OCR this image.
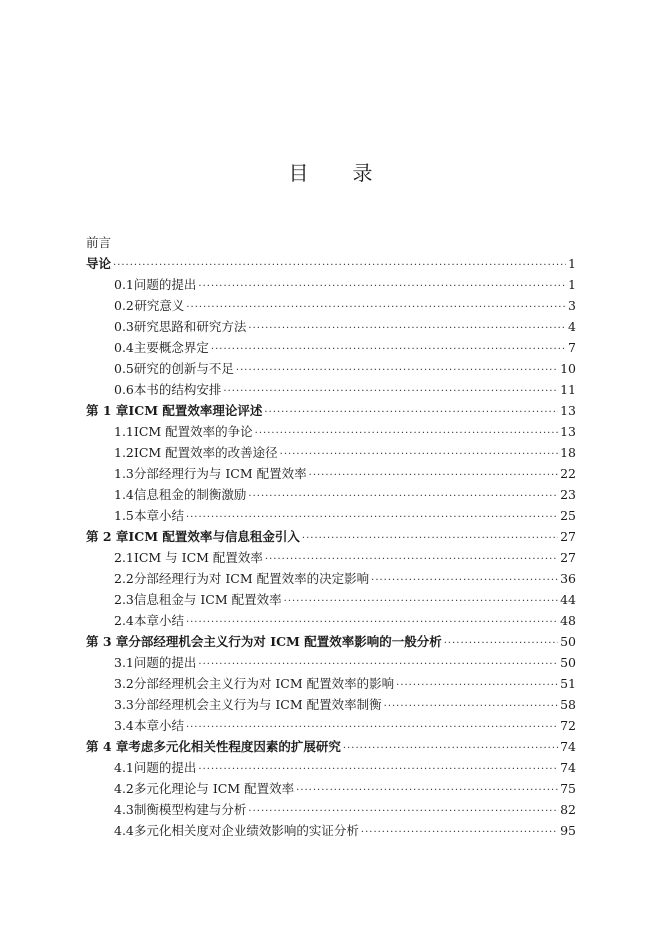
目 录
前言
导论 ·····	1
0.1 问题的提出 ·····	1
0.2 研究意义 ·····	3
0.3 研究思路和研究方法 ·····	4
0.4 主要概念界定 ·····	7
0.5 研究的创新与不足 ·····	10
0.6 本书的结构安排 ·····	11
第 1 章 ICM 配置效率理论评述 ·····	13
1.1 ICM 配置效率的争论 ·····	13
1.2 ICM 配置效率的改善途径 ·····	18
1.3 分部经理行为与 ICM 配置效率 ·····	22
1.4 信息租金的制衡激励 ·····	23
1.5 本章小结 ·····	25
第 2 章 ICM 配置效率与信息租金引入 ·····	27
2.1 ICM 与 ICM 配置效率 ·····	27
2.2 分部经理行为对 ICM 配置效率的决定影响 ·····	36
2.3 信息租金与 ICM 配置效率 ·····	44
2.4 本章小结 ·····	48
第 3 章 分部经理机会主义行为对 ICM 配置效率影响的一般分析 ·····	50
3.1 问题的提出 ·····	50
3.2 分部经理机会主义行为对 ICM 配置效率的影响 ·····	51
3.3 分部经理机会主义行为与 ICM 配置效率制衡 ·····	58
3.4 本章小结 ·····	72
第 4 章 考虑多元化相关性程度因素的扩展研究 ·····	74
4.1 问题的提出 ·····	74
4.2 多元化理论与 ICM 配置效率 ·····	75
4.3 制衡模型构建与分析 ·····	82
4.4 多元化相关度对企业绩效影响的实证分析 ·····	95
